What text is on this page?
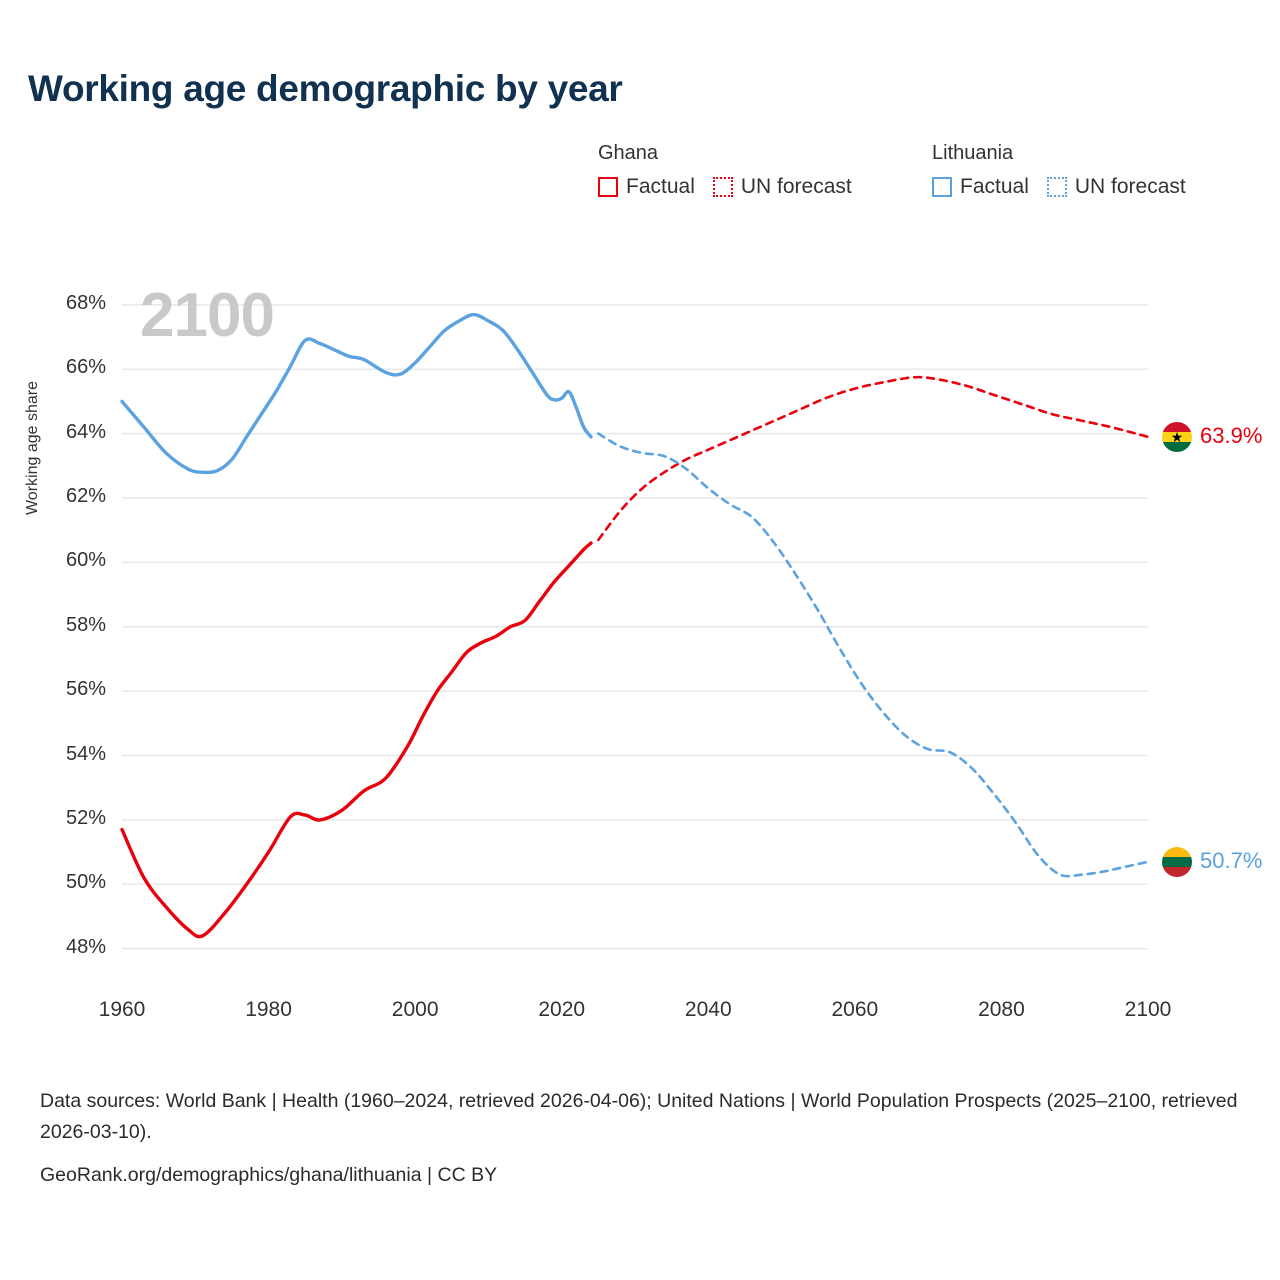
Working age demographic by year
Ghana
Factual UN forecast
Lithuania
Factual UN forecast
2100
Working age share
48%
50%
52%
54%
56%
58%
60%
62%
64%
66%
68%
1960	1980	2000	2020	2040	2060	2080	2100
★ 63.9%
50.7%
Data sources: World Bank | Health (1960–2024, retrieved 2026-04-06); United Nations | World Population Prospects (2025–2100, retrieved 2026-03-10).
GeoRank.org/demographics/ghana/lithuania | CC BY
